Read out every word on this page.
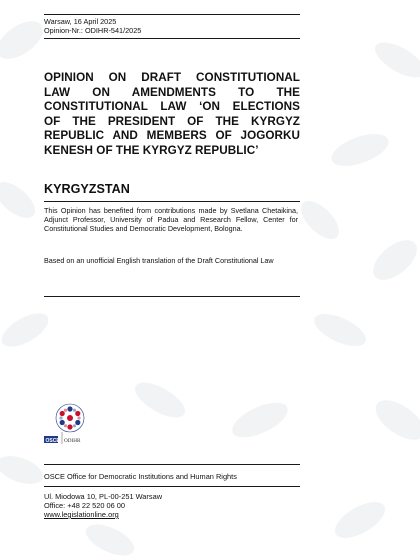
Warsaw, 16 April 2025
Opinion-Nr.: ODIHR-541/2025
OPINION ON DRAFT CONSTITUTIONAL
LAW ON AMENDMENTS TO THE
CONSTITUTIONAL LAW ‘ON ELECTIONS
OF THE PRESIDENT OF THE KYRGYZ
REPUBLIC AND MEMBERS OF JOGORKU
KENESH OF THE KYRGYZ REPUBLIC’
KYRGYZSTAN
This Opinion has benefited from contributions made by Svetlana Chetaikina, Adjunct Professor, University of Padua and Research Fellow, Center for Constitutional Studies and Democratic Development, Bologna.
Based on an unofficial English translation of the Draft Constitutional Law
OSCE ODIHR
OSCE Office for Democratic Institutions and Human Rights
Ul. Miodowa 10, PL-00-251 Warsaw
Office: +48 22 520 06 00
www.legislationline.org
